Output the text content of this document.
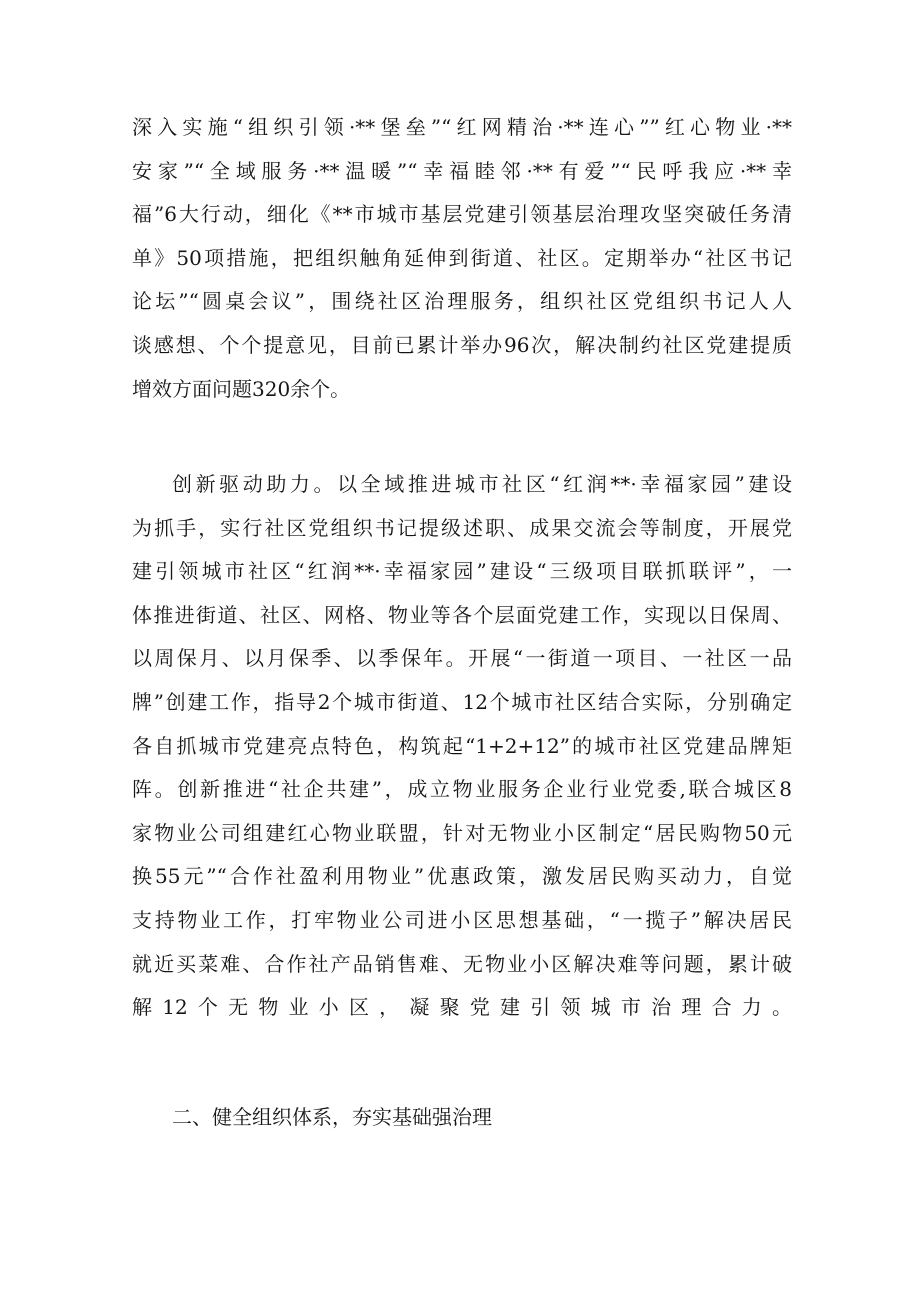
深入实施“组织引领·**堡垒”“红网精治·**连心””红心物业·**
安家”“全域服务·**温暖”“幸福睦邻·**有爱”“民呼我应·**幸
福”6大行动，细化《**市城市基层党建引领基层治理攻坚突破任务清
单》50项措施，把组织触角延伸到街道、社区。定期举办“社区书记
论坛”“圆桌会议”，围绕社区治理服务，组织社区党组织书记人人
谈感想、个个提意见，目前已累计举办96次，解决制约社区党建提质
增效方面问题320余个。
创新驱动助力。以全域推进城市社区“红润**·幸福家园”建设
为抓手，实行社区党组织书记提级述职、成果交流会等制度，开展党
建引领城市社区“红润**·幸福家园”建设“三级项目联抓联评”，一
体推进街道、社区、网格、物业等各个层面党建工作，实现以日保周、
以周保月、以月保季、以季保年。开展“一街道一项目、一社区一品
牌”创建工作，指导2个城市街道、12个城市社区结合实际，分别确定
各自抓城市党建亮点特色，构筑起“1+2+12”的城市社区党建品牌矩
阵。创新推进“社企共建”，成立物业服务企业行业党委,联合城区8
家物业公司组建红心物业联盟，针对无物业小区制定“居民购物50元
换55元”“合作社盈利用物业”优惠政策，激发居民购买动力，自觉
支持物业工作，打牢物业公司进小区思想基础，“一揽子”解决居民
就近买菜难、合作社产品销售难、无物业小区解决难等问题，累计破
解12个无物业小区，凝聚党建引领城市治理合力。
二、健全组织体系，夯实基础强治理
